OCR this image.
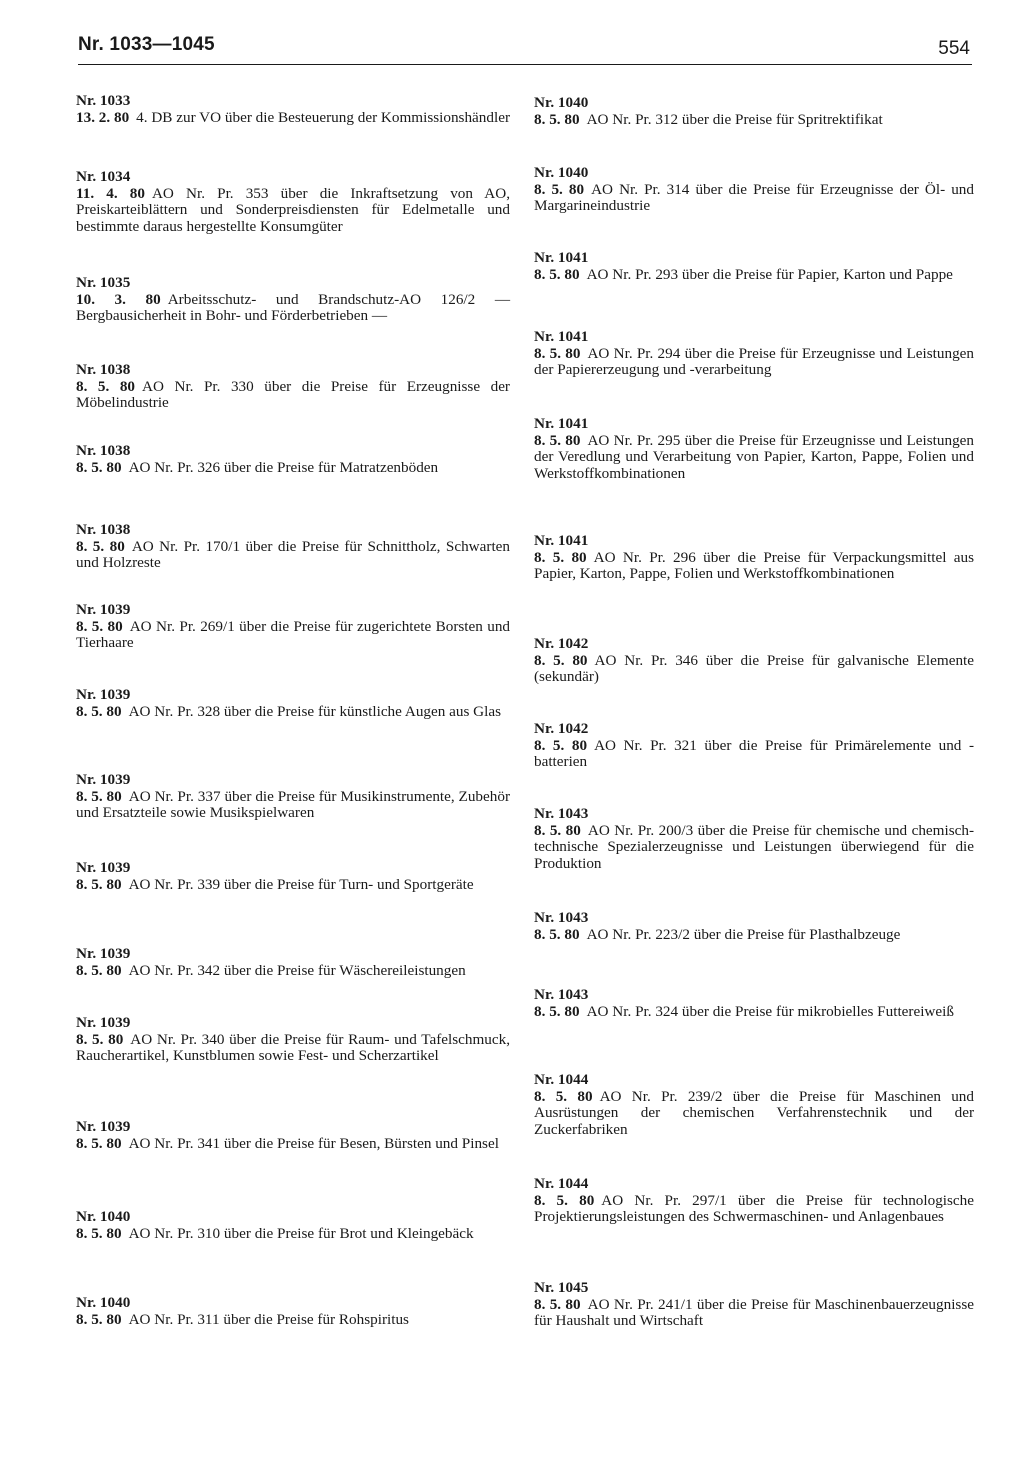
Nr. 1033—1045	554
Nr. 1033
13. 2. 80 4. DB zur VO über die Besteuerung der Kommissionshändler
Nr. 1034
11. 4. 80 AO Nr. Pr. 353 über die Inkraftsetzung von AO, Preiskarteiblättern und Sonderpreisdiensten für Edelmetalle und bestimmte daraus hergestellte Konsumgüter
Nr. 1035
10. 3. 80 Arbeitsschutz- und Brandschutz-AO 126/2 — Bergbausicherheit in Bohr- und Förderbetrieben —
Nr. 1038
8. 5. 80 AO Nr. Pr. 330 über die Preise für Erzeugnisse der Möbelindustrie
Nr. 1038
8. 5. 80 AO Nr. Pr. 326 über die Preise für Matratzenböden
Nr. 1038
8. 5. 80 AO Nr. Pr. 170/1 über die Preise für Schnittholz, Schwarten und Holzreste
Nr. 1039
8. 5. 80 AO Nr. Pr. 269/1 über die Preise für zugerichtete Borsten und Tierhaare
Nr. 1039
8. 5. 80 AO Nr. Pr. 328 über die Preise für künstliche Augen aus Glas
Nr. 1039
8. 5. 80 AO Nr. Pr. 337 über die Preise für Musikinstrumente, Zubehör und Ersatzteile sowie Musikspielwaren
Nr. 1039
8. 5. 80 AO Nr. Pr. 339 über die Preise für Turn- und Sportgeräte
Nr. 1039
8. 5. 80 AO Nr. Pr. 342 über die Preise für Wäschereileistungen
Nr. 1039
8. 5. 80 AO Nr. Pr. 340 über die Preise für Raum- und Tafelschmuck, Raucherartikel, Kunstblumen sowie Fest- und Scherzartikel
Nr. 1039
8. 5. 80 AO Nr. Pr. 341 über die Preise für Besen, Bürsten und Pinsel
Nr. 1040
8. 5. 80 AO Nr. Pr. 310 über die Preise für Brot und Kleingebäck
Nr. 1040
8. 5. 80 AO Nr. Pr. 311 über die Preise für Rohspiritus
Nr. 1040
8. 5. 80 AO Nr. Pr. 312 über die Preise für Spritrektifikat
Nr. 1040
8. 5. 80 AO Nr. Pr. 314 über die Preise für Erzeugnisse der Öl- und Margarineindustrie
Nr. 1041
8. 5. 80 AO Nr. Pr. 293 über die Preise für Papier, Karton und Pappe
Nr. 1041
8. 5. 80 AO Nr. Pr. 294 über die Preise für Erzeugnisse und Leistungen der Papiererzeugung und -verarbeitung
Nr. 1041
8. 5. 80 AO Nr. Pr. 295 über die Preise für Erzeugnisse und Leistungen der Veredlung und Verarbeitung von Papier, Karton, Pappe, Folien und Werkstoffkombinationen
Nr. 1041
8. 5. 80 AO Nr. Pr. 296 über die Preise für Verpackungsmittel aus Papier, Karton, Pappe, Folien und Werkstoffkombinationen
Nr. 1042
8. 5. 80 AO Nr. Pr. 346 über die Preise für galvanische Elemente (sekundär)
Nr. 1042
8. 5. 80 AO Nr. Pr. 321 über die Preise für Primärelemente und -batterien
Nr. 1043
8. 5. 80 AO Nr. Pr. 200/3 über die Preise für chemische und chemisch-technische Spezialerzeugnisse und Leistungen überwiegend für die Produktion
Nr. 1043
8. 5. 80 AO Nr. Pr. 223/2 über die Preise für Plasthalbzeuge
Nr. 1043
8. 5. 80 AO Nr. Pr. 324 über die Preise für mikrobielles Futtereiweiß
Nr. 1044
8. 5. 80 AO Nr. Pr. 239/2 über die Preise für Maschinen und Ausrüstungen der chemischen Verfahrenstechnik und der Zuckerfabriken
Nr. 1044
8. 5. 80 AO Nr. Pr. 297/1 über die Preise für technologische Projektierungsleistungen des Schwermaschinen- und Anlagenbaues
Nr. 1045
8. 5. 80 AO Nr. Pr. 241/1 über die Preise für Maschinenbauerzeugnisse für Haushalt und Wirtschaft
